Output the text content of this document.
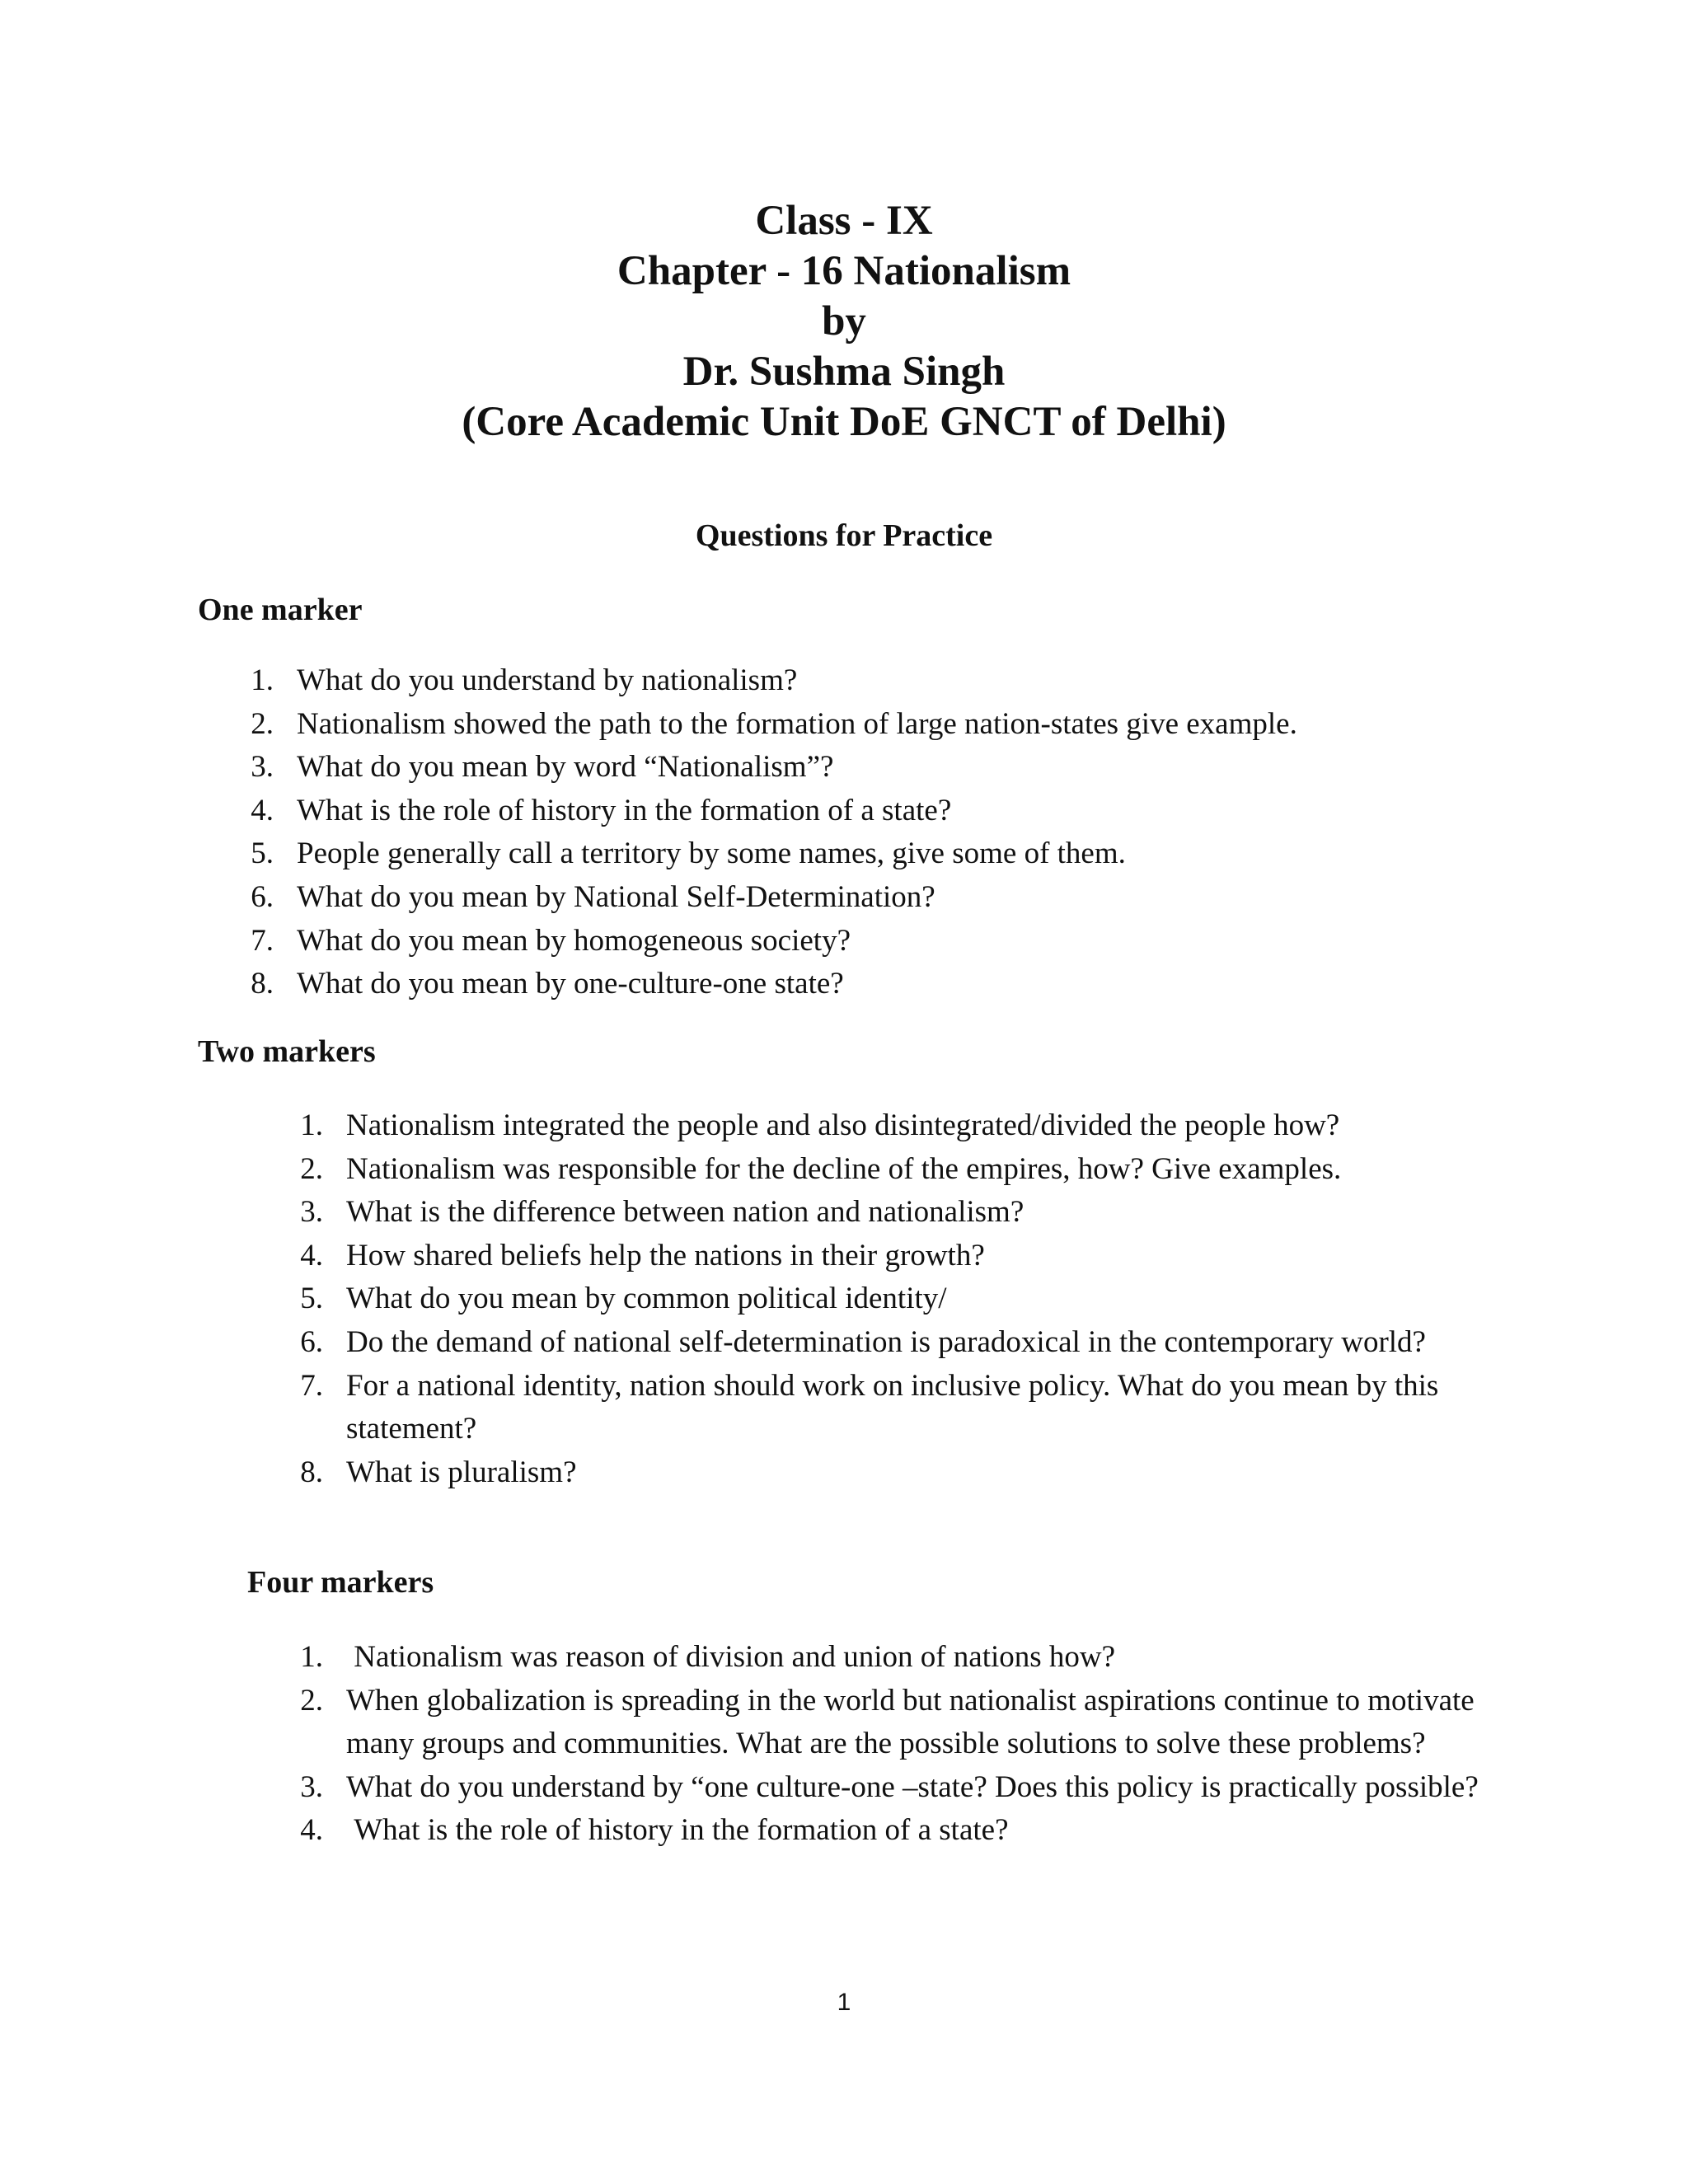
Class - IX
Chapter - 16 Nationalism
by
Dr. Sushma Singh
(Core Academic Unit DoE GNCT of Delhi)
Questions for Practice
One marker
1. What do you understand by nationalism?
2. Nationalism showed the path to the formation of large nation-states give example.
3. What do you mean by word “Nationalism”?
4. What is the role of history in the formation of a state?
5. People generally call a territory by some names, give some of them.
6. What do you mean by National Self-Determination?
7. What do you mean by homogeneous society?
8. What do you mean by one-culture-one state?
Two markers
1. Nationalism integrated the people and also disintegrated/divided the people how?
2. Nationalism was responsible for the decline of the empires, how? Give examples.
3. What is the difference between nation and nationalism?
4. How shared beliefs help the nations in their growth?
5. What do you mean by common political identity/
6. Do the demand of national self-determination is paradoxical in the contemporary world?
7. For a national identity, nation should work on inclusive policy. What do you mean by this statement?
8. What is pluralism?
Four markers
1. Nationalism was reason of division and union of nations how?
2. When globalization is spreading in the world but nationalist aspirations continue to motivate many groups and communities. What are the possible solutions to solve these problems?
3. What do you understand by “one culture-one –state? Does this policy is practically possible?
4. What is the role of history in the formation of a state?
1
